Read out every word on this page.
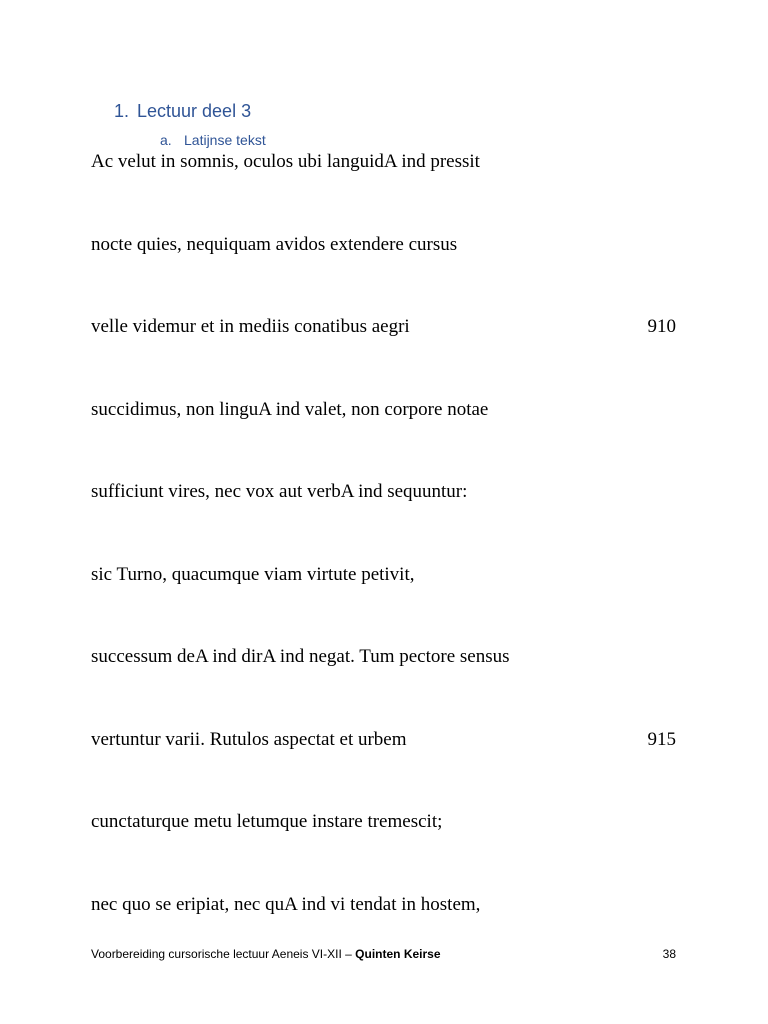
1. Lectuur deel 3
a. Latijnse tekst
Ac velut in somnis, oculos ubi languidA ind pressit
nocte quies, nequiquam avidos extendere cursus
velle videmur et in mediis conatibus aegri	910
succidimus, non linguA ind valet, non corpore notae
sufficiunt vires, nec vox aut verbA ind sequuntur:
sic Turno, quacumque viam virtute petivit,
successum deA ind dirA ind negat. Tum pectore sensus
vertuntur varii. Rutulos aspectat et urbem	915
cunctaturque metu letumque instare tremescit;
nec quo se eripiat, nec quA ind vi tendat in hostem,
Voorbereiding cursorische lectuur Aeneis VI-XII – Quinten Keirse	38
